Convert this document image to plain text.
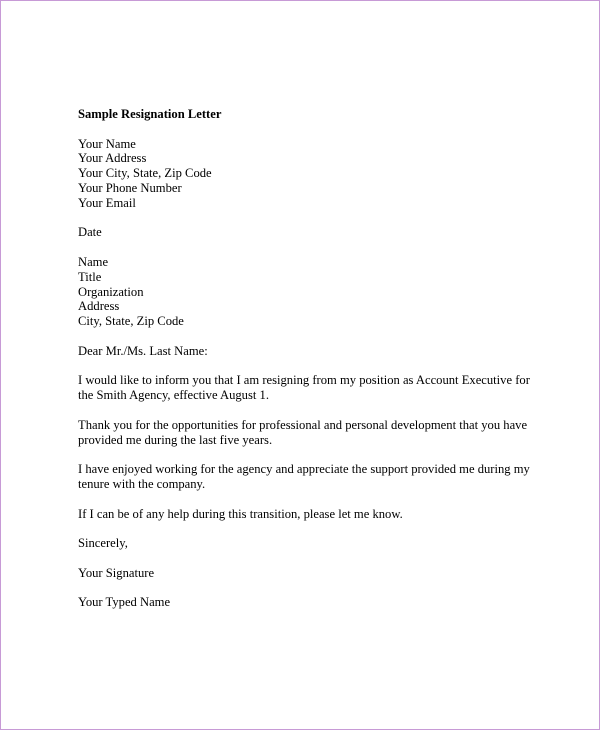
Sample Resignation Letter
Your Name
Your Address
Your City, State, Zip Code
Your Phone Number
Your Email
Date
Name
Title
Organization
Address
City, State, Zip Code
Dear Mr./Ms. Last Name:
I would like to inform you that I am resigning from my position as Account Executive for
the Smith Agency, effective August 1.
Thank you for the opportunities for professional and personal development that you have
provided me during the last five years.
I have enjoyed working for the agency and appreciate the support provided me during my
tenure with the company.
If I can be of any help during this transition, please let me know.
Sincerely,
Your Signature
Your Typed Name
